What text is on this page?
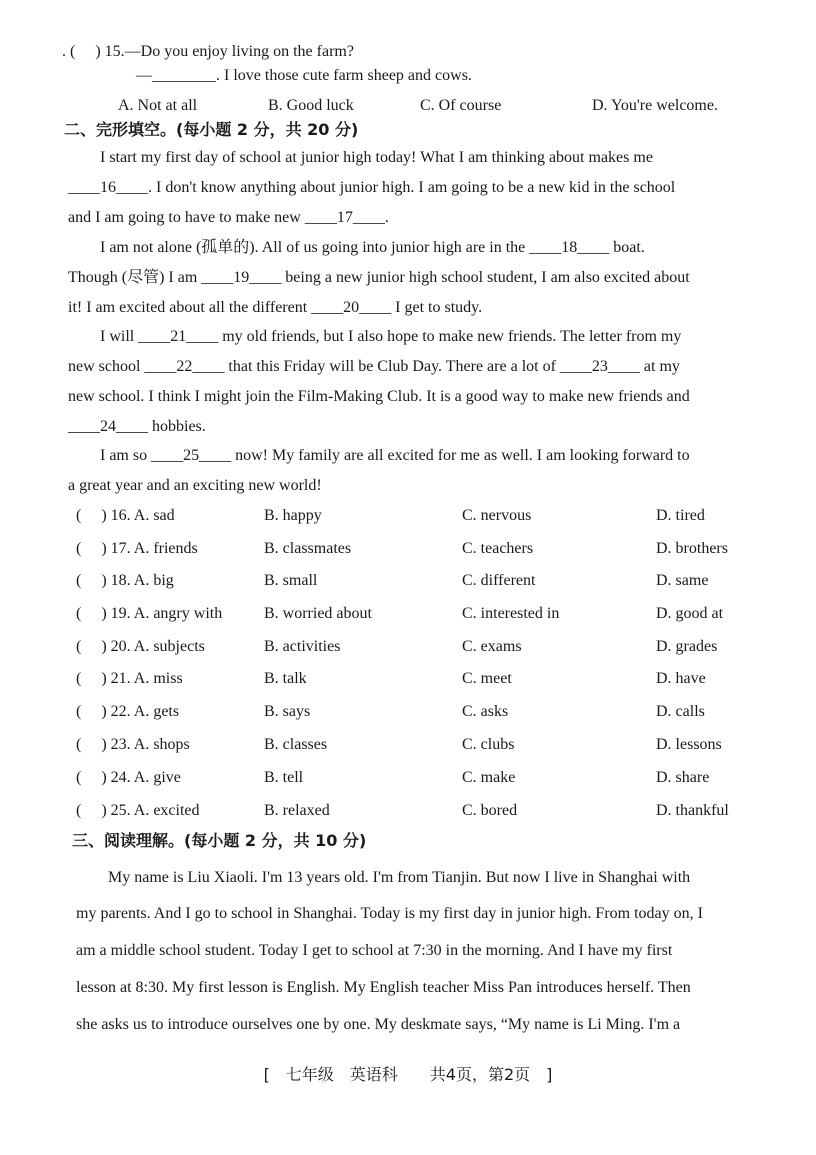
. (　 ) 15.—Do you enjoy living on the farm?
—________. I love those cute farm sheep and cows.
A. Not at all	B. Good luck	C. Of course	D. You're welcome.
二、完形填空。(每小题 2 分，共 20 分)
I start my first day of school at junior high today! What I am thinking about makes me
____16____. I don't know anything about junior high. I am going to be a new kid in the school
and I am going to have to make new ____17____.
I am not alone (孤单的). All of us going into junior high are in the ____18____ boat.
Though (尽管) I am ____19____ being a new junior high school student, I am also excited about
it! I am excited about all the different ____20____ I get to study.
I will ____21____ my old friends, but I also hope to make new friends. The letter from my
new school ____22____ that this Friday will be Club Day. There are a lot of ____23____ at my
new school. I think I might join the Film-Making Club. It is a good way to make new friends and
____24____ hobbies.
I am so ____25____ now! My family are all excited for me as well. I am looking forward to
a great year and an exciting new world!
(　 ) 16. A. sad	B. happy	C. nervous	D. tired
(　 ) 17. A. friends	B. classmates	C. teachers	D. brothers
(　 ) 18. A. big	B. small	C. different	D. same
(　 ) 19. A. angry with	B. worried about	C. interested in	D. good at
(　 ) 20. A. subjects	B. activities	C. exams	D. grades
(　 ) 21. A. miss	B. talk	C. meet	D. have
(　 ) 22. A. gets	B. says	C. asks	D. calls
(　 ) 23. A. shops	B. classes	C. clubs	D. lessons
(　 ) 24. A. give	B. tell	C. make	D. share
(　 ) 25. A. excited	B. relaxed	C. bored	D. thankful
三、阅读理解。(每小题 2 分，共 10 分)
My name is Liu Xiaoli. I'm 13 years old. I'm from Tianjin. But now I live in Shanghai with
my parents. And I go to school in Shanghai. Today is my first day in junior high. From today on, I
am a middle school student. Today I get to school at 7:30 in the morning. And I have my first
lesson at 8:30. My first lesson is English. My English teacher Miss Pan introduces herself. Then
she asks us to introduce ourselves one by one. My deskmate says, “My name is Li Ming. I'm a
[　七年级　英语科　　共4页，第2页　]
